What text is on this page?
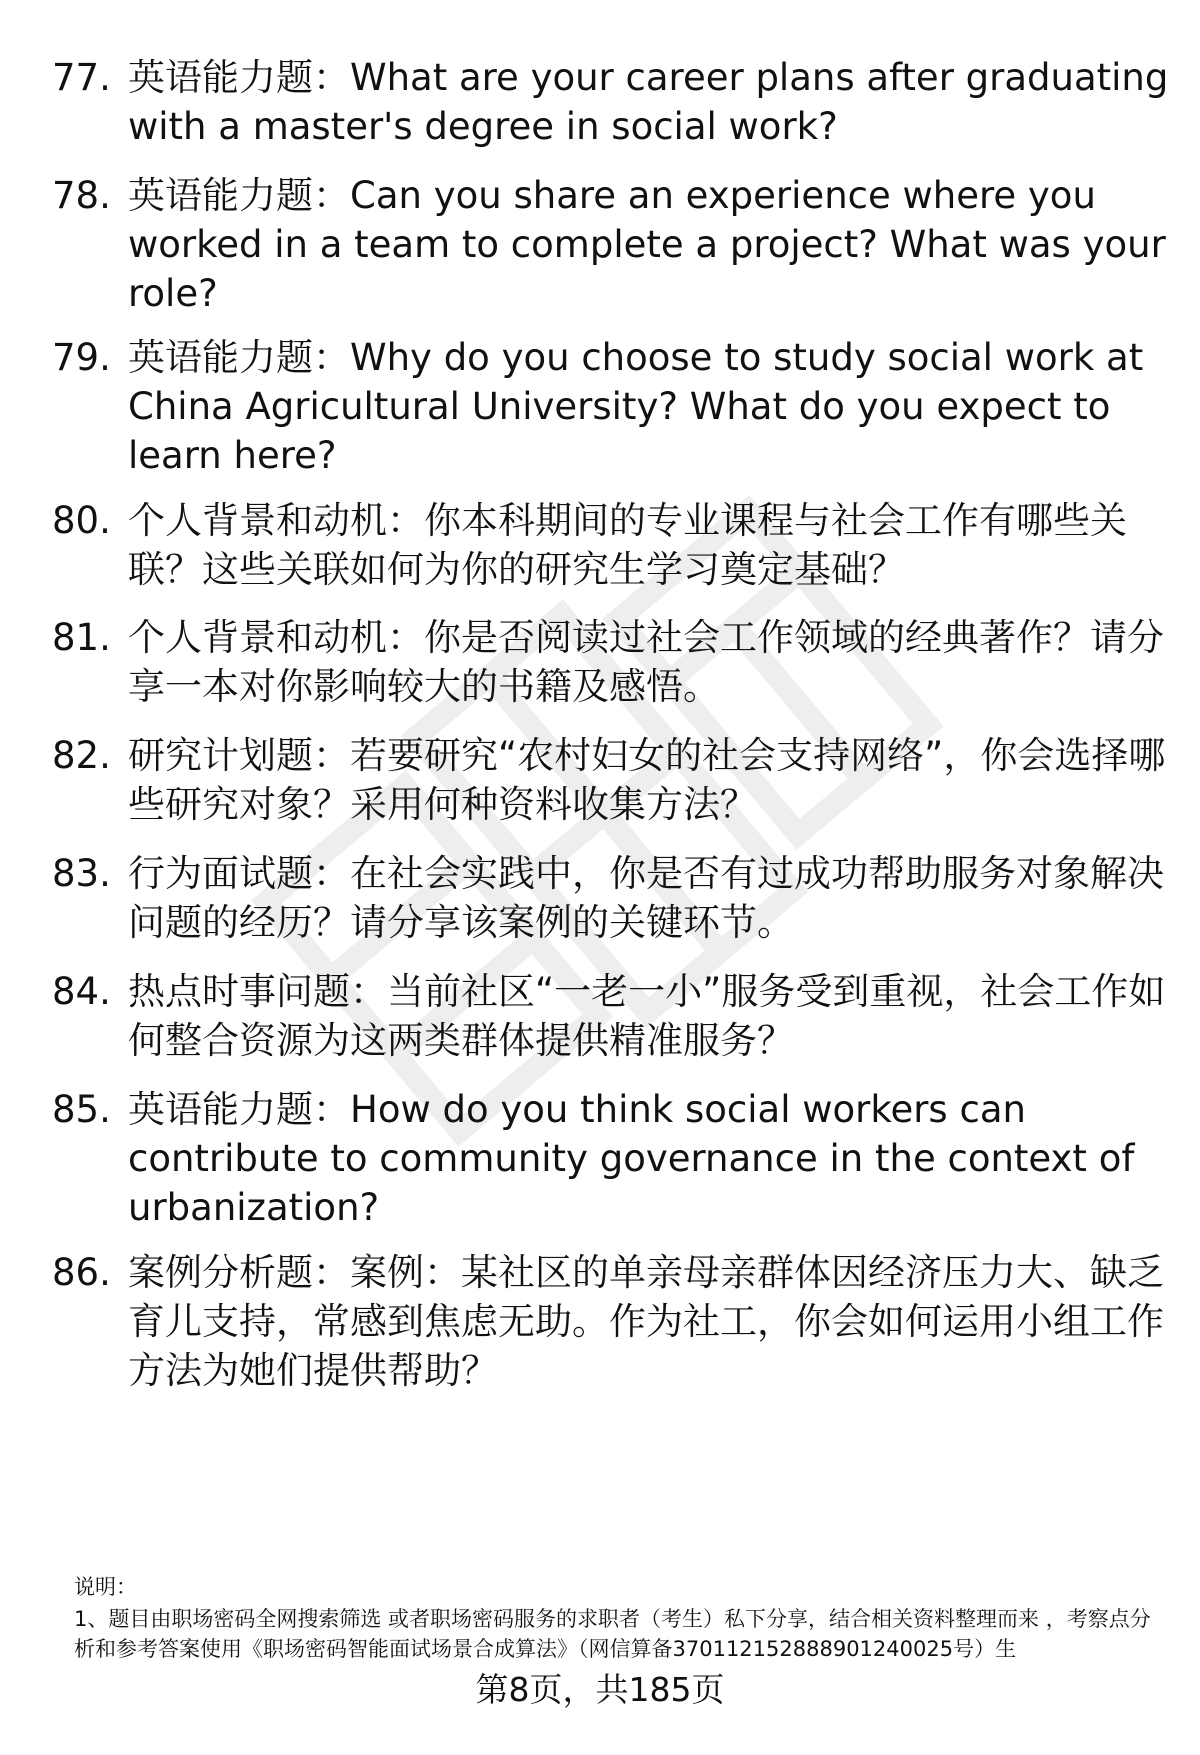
77. 英语能力题：What are your career plans after graduating with a master's degree in social work?
78. 英语能力题：Can you share an experience where you worked in a team to complete a project? What was your role?
79. 英语能力题：Why do you choose to study social work at China Agricultural University? What do you expect to learn here?
80. 个人背景和动机：你本科期间的专业课程与社会工作有哪些关联？这些关联如何为你的研究生学习奠定基础？
81. 个人背景和动机：你是否阅读过社会工作领域的经典著作？请分享一本对你影响较大的书籍及感悟。
82. 研究计划题：若要研究“农村妇女的社会支持网络”，你会选择哪些研究对象？采用何种资料收集方法？
83. 行为面试题：在社会实践中，你是否有过成功帮助服务对象解决问题的经历？请分享该案例的关键环节。
84. 热点时事问题：当前社区“一老一小”服务受到重视，社会工作如何整合资源为这两类群体提供精准服务？
85. 英语能力题：How do you think social workers can contribute to community governance in the context of urbanization?
86. 案例分析题：案例：某社区的单亲母亲群体因经济压力大、缺乏育儿支持，常感到焦虑无助。作为社工，你会如何运用小组工作方法为她们提供帮助？
说明：
1、题目由职场密码全网搜索筛选 或者职场密码服务的求职者（考生）私下分享，结合相关资料整理而来 ，考察点分析和参考答案使用《职场密码智能面试场景合成算法》（网信算备370112152888901240025号）生
第8页，共185页
